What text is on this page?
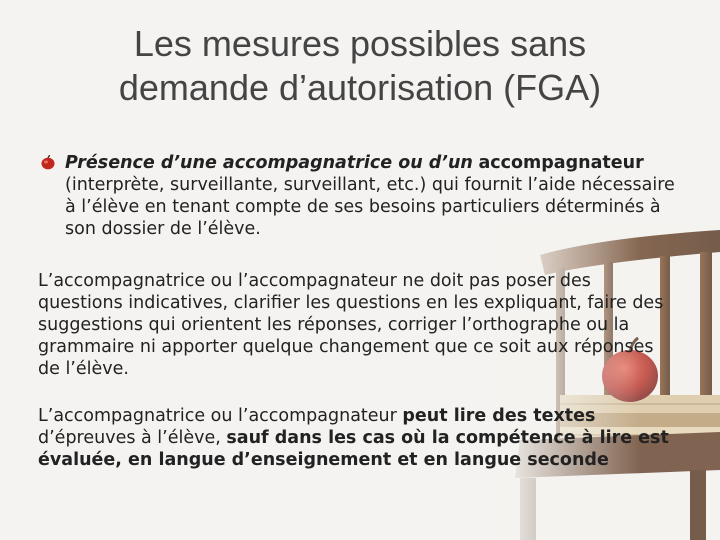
Les mesures possibles sans
demande d’autorisation (FGA)
Présence d’une accompagnatrice ou d’un accompagnateur (interprète, surveillante, surveillant, etc.) qui fournit l’aide nécessaire à l’élève en tenant compte de ses besoins particuliers déterminés à son dossier de l’élève.

L’accompagnatrice ou l’accompagnateur ne doit pas poser des questions indicatives, clarifier les questions en les expliquant, faire des suggestions qui orientent les réponses, corriger l’orthographe ou la grammaire ni apporter quelque changement que ce soit aux réponses de l’élève.

L’accompagnatrice ou l’accompagnateur peut lire des textes d’épreuves à l’élève, sauf dans les cas où la compétence à lire est évaluée, en langue d’enseignement et en langue seconde
